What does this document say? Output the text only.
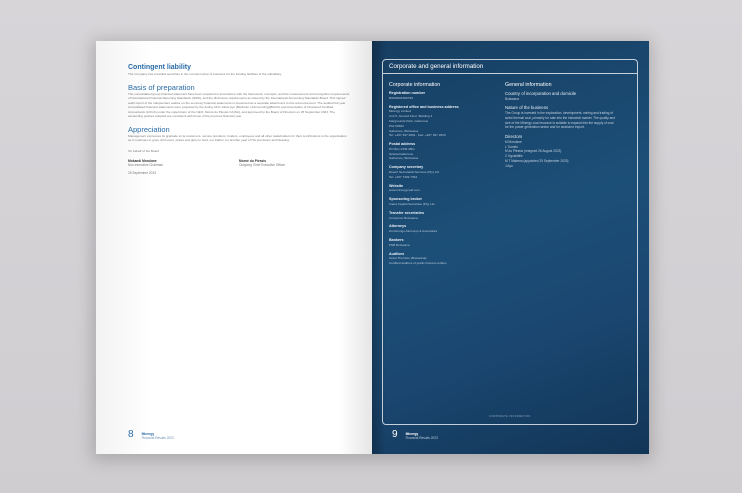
Contingent liability
The Company has provided securities in the normal course of business for the funding facilities of the subsidiary.
Basis of preparation
The consolidated group financial statement have been prepared in accordance with the framework, concepts, and the measurement and recognition requirements of International Financial Reporting Standards (IFRS), and the disclosure requirements as issued by the International Accounting Standards Board. This signed audit report of the independent auditor on the summary financial statements is presented as a separate attachment to this announcement. The audited full year consolidated financial statements were prepared by the Acting CFO Julius Ayo (Bachelor of Accounting)(BACC) and Association of Chartered Certified Accountants (ACCA) under the supervision of the CEO, Morné du Plessis CA(SA), and approved by the Board of Directors on 25 September 2023. The accounting policies adopted are consistent with those of the previous financial year.
Appreciation
Management expresses its gratitude to its customers, service providers, funders, employees and all other stakeholders for their contributions to the organisation as it continues to grow. All honour, praise and glory to God, our Father, for another year of His provisions and blessing.
On behalf of the Board
Mokaedi Morulane
Non-executive Chairman
Morné du Plessis
Outgoing Chief Executive Officer
25 September 2023
8 Minergy
Financial Results 2023
Corporate and general information
Corporate information
Registration number
BW00001566799
Registered office and business address
Minergy Limited
Unit 5, Ground Floor, Building 3
Fairgrounds Park, Gaborone
Plot 50362
Gaborone, Botswana
Tel: +267 397 2891 , Fax: +267 397 2933
Postal address
PO Box 2336 ABG
Sebele/Gaborone
Gaborone, Botswana
Company secretary
Desert Secretarial Services (Pty) Ltd
Tel: +267 7329 7094
Website
www.minergycoal.com
Sponsoring broker
Imara Capital Securities (Pty) Ltd
Transfer secretaries
Corpserve Botswana
Attorneys
Armstrongs Attorneys & Associates
Bankers
FNB Botswana
Auditors
Grant Thornton (Botswana)
Certified auditors of public interest entities
General information
Country of incorporation and domicile
Botswana
Nature of the business
The Group is invested in the exploration, development, mining and trading of sized thermal coal, primarily for sale into the industrial market. The quality and size of the Minergy coal resource is suitable to expand into the supply of coal for the power generation sector and for seaborne export.
Directors
M Morulane
L Tumelo
M du Plessis (resigned 26 August 2023)
C Kgosiditile
M T Malema (appointed 25 September 2023)
J Ayo
CORPORATE INFORMATION
9 Minergy
Financial Results 2023
